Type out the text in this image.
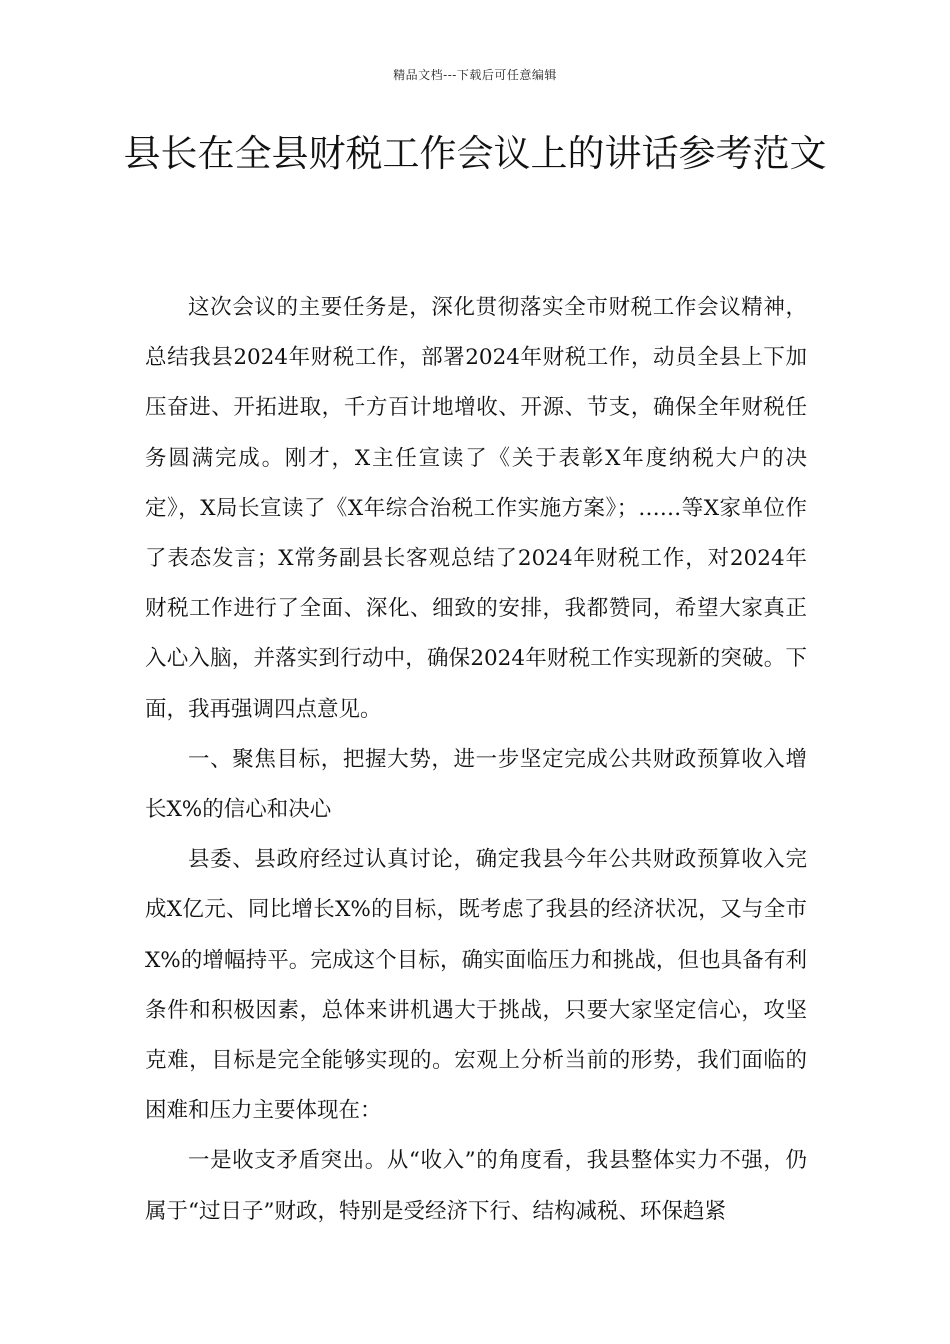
精品文档---下载后可任意编辑
县长在全县财税工作会议上的讲话参考范文

这次会议的主要任务是，深化贯彻落实全市财税工作会议精神，总结我县2024年财税工作，部署2024年财税工作，动员全县上下加压奋进、开拓进取，千方百计地增收、开源、节支，确保全年财税任务圆满完成。刚才，X主任宣读了《关于表彰X年度纳税大户的决定》，X局长宣读了《X年综合治税工作实施方案》；……等X家单位作了表态发言；X常务副县长客观总结了2024年财税工作，对2024年财税工作进行了全面、深化、细致的安排，我都赞同，希望大家真正入心入脑，并落实到行动中，确保2024年财税工作实现新的突破。下面，我再强调四点意见。

一、聚焦目标，把握大势，进一步坚定完成公共财政预算收入增长X%的信心和决心

县委、县政府经过认真讨论，确定我县今年公共财政预算收入完成X亿元、同比增长X%的目标，既考虑了我县的经济状况，又与全市X%的增幅持平。完成这个目标，确实面临压力和挑战，但也具备有利条件和积极因素，总体来讲机遇大于挑战，只要大家坚定信心，攻坚克难，目标是完全能够实现的。宏观上分析当前的形势，我们面临的困难和压力主要体现在：

一是收支矛盾突出。从“收入”的角度看，我县整体实力不强，仍属于“过日子”财政，特别是受经济下行、结构减税、环保趋紧
